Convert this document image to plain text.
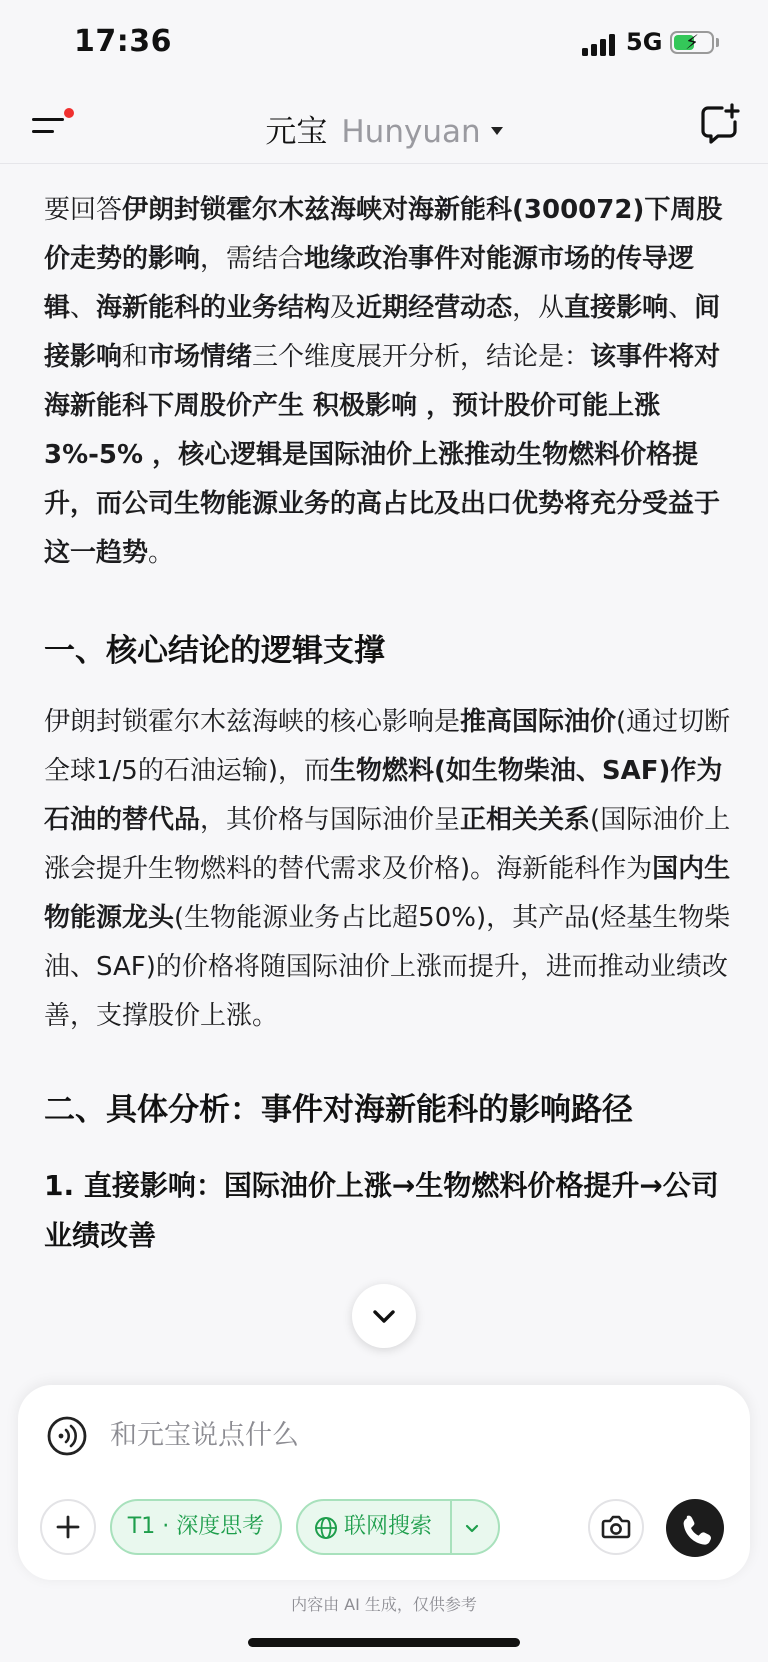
17:36	5G ⚡
元宝 Hunyuan

要回答伊朗封锁霍尔木兹海峡对海新能科(300072)下周股价走势的影响，需结合地缘政治事件对能源市场的传导逻辑、海新能科的业务结构及近期经营动态，从直接影响、间接影响和市场情绪三个维度展开分析，结论是：该事件将对海新能科下周股价产生 积极影响 ，预计股价可能上涨3%-5% ，核心逻辑是国际油价上涨推动生物燃料价格提升，而公司生物能源业务的高占比及出口优势将充分受益于这一趋势。

一、核心结论的逻辑支撑

伊朗封锁霍尔木兹海峡的核心影响是推高国际油价(通过切断全球1/5的石油运输)，而生物燃料(如生物柴油、SAF)作为石油的替代品，其价格与国际油价呈正相关关系(国际油价上涨会提升生物燃料的替代需求及价格)。海新能科作为国内生物能源龙头(生物能源业务占比超50%)，其产品(烃基生物柴油、SAF)的价格将随国际油价上涨而提升，进而推动业绩改善，支撑股价上涨。

二、具体分析：事件对海新能科的影响路径
1. 直接影响：国际油价上涨→生物燃料价格提升→公司业绩改善
和元宝说点什么
T1 · 深度思考	联网搜索
内容由 AI 生成，仅供参考
